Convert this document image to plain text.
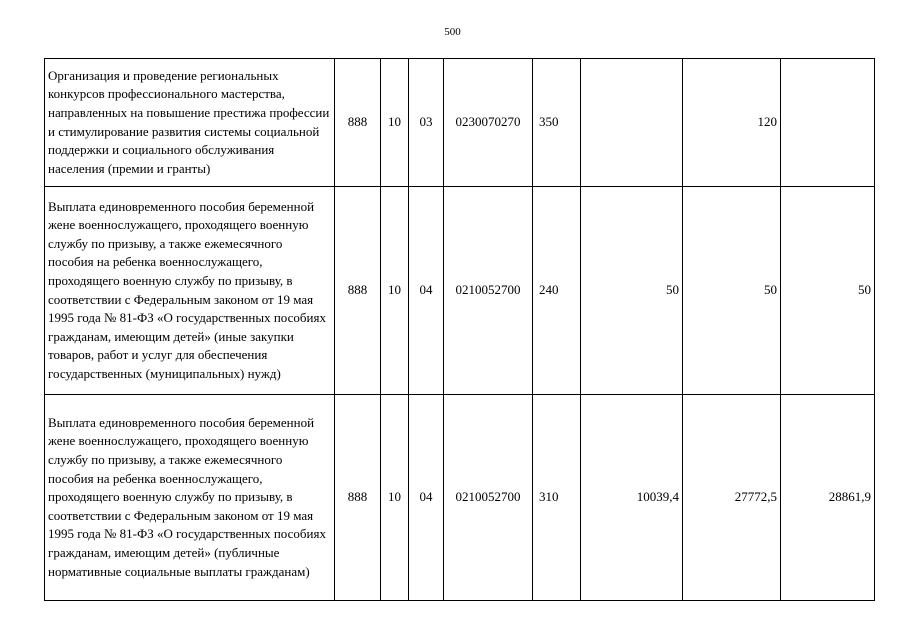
500
Организация и проведение региональных конкурсов профессионального мастерства, направленных на повышение престижа профессии и стимулирование развития системы социальной поддержки и социального обслуживания населения (премии и гранты)	888	10	03	0230070270	350		120	
Выплата единовременного пособия беременной жене военнослужащего, проходящего военную службу по призыву, а также ежемесячного пособия на ребенка военнослужащего, проходящего военную службу по призыву, в соответствии с Федеральным законом от 19 мая 1995 года № 81-ФЗ «О государственных пособиях гражданам, имеющим детей» (иные закупки товаров, работ и услуг для обеспечения государственных (муниципальных) нужд)	888	10	04	0210052700	240	50	50	50
Выплата единовременного пособия беременной жене военнослужащего, проходящего военную службу по призыву, а также ежемесячного пособия на ребенка военнослужащего, проходящего военную службу по призыву, в соответствии с Федеральным законом от 19 мая 1995 года № 81-ФЗ «О государственных пособиях гражданам, имеющим детей» (публичные нормативные социальные выплаты гражданам)	888	10	04	0210052700	310	10039,4	27772,5	28861,9
